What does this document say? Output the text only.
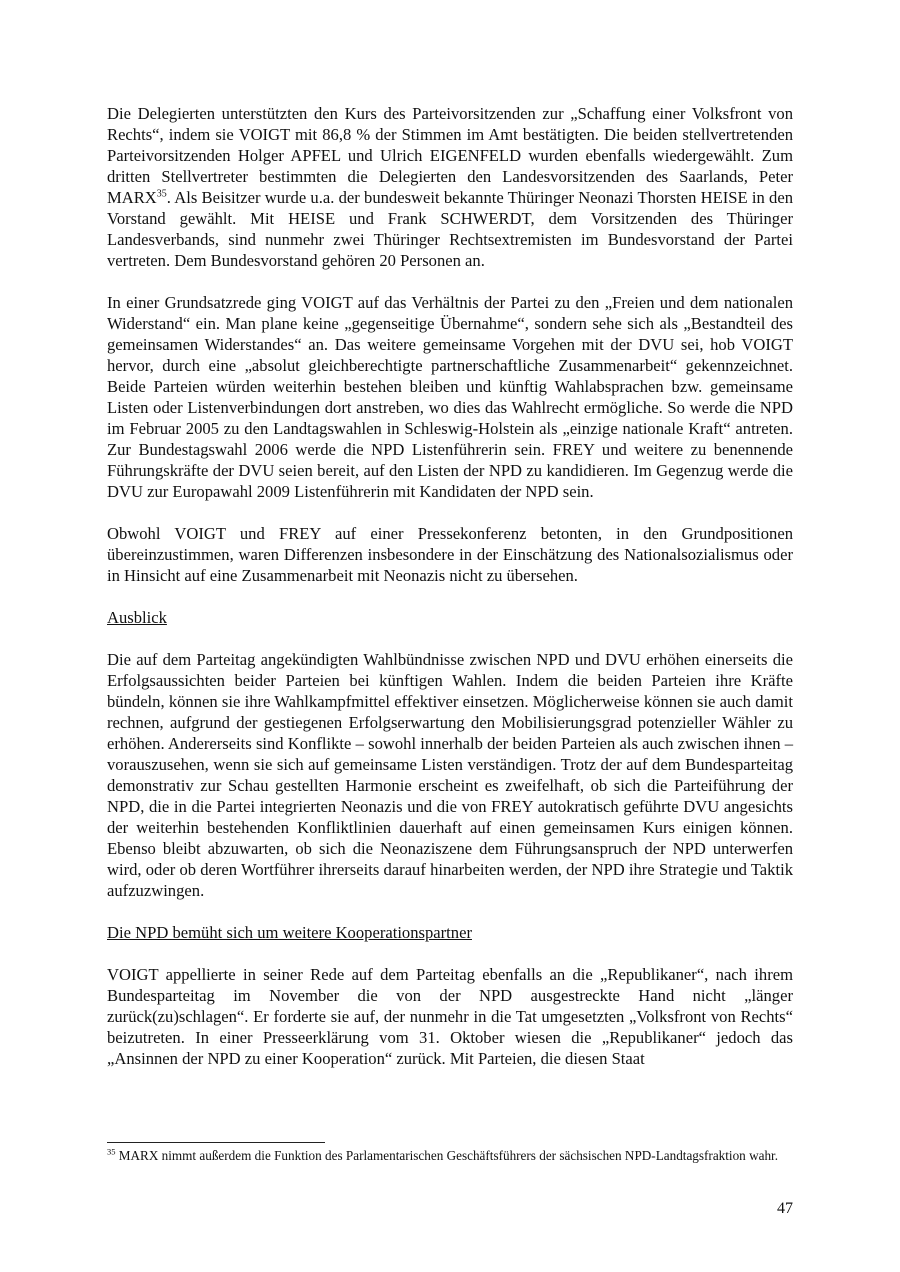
Die Delegierten unterstützten den Kurs des Parteivorsitzenden zur „Schaffung einer Volksfront von Rechts“, indem sie VOIGT mit 86,8 % der Stimmen im Amt bestätigten. Die beiden stellvertretenden Parteivorsitzenden Holger APFEL und Ulrich EIGENFELD wurden ebenfalls wiedergewählt. Zum dritten Stellvertreter bestimmten die Delegierten den Landesvorsitzenden des Saarlands, Peter MARX$^{35}$. Als Beisitzer wurde u.a. der bundesweit bekannte Thüringer Neonazi Thorsten HEISE in den Vorstand gewählt. Mit HEISE und Frank SCHWERDT, dem Vorsitzenden des Thüringer Landesverbands, sind nunmehr zwei Thüringer Rechtsextremisten im Bundesvorstand der Partei vertreten. Dem Bundesvorstand gehören 20 Personen an.

In einer Grundsatzrede ging VOIGT auf das Verhältnis der Partei zu den „Freien und dem nationalen Widerstand“ ein. Man plane keine „gegenseitige Übernahme“, sondern sehe sich als „Bestandteil des gemeinsamen Widerstandes“ an. Das weitere gemeinsame Vorgehen mit der DVU sei, hob VOIGT hervor, durch eine „absolut gleichberechtigte partnerschaftliche Zusammenarbeit“ gekennzeichnet. Beide Parteien würden weiterhin bestehen bleiben und künftig Wahlabsprachen bzw. gemeinsame Listen oder Listenverbindungen dort anstreben, wo dies das Wahlrecht ermögliche. So werde die NPD im Februar 2005 zu den Landtagswahlen in Schleswig-Holstein als „einzige nationale Kraft“ antreten. Zur Bundestagswahl 2006 werde die NPD Listenführerin sein. FREY und weitere zu benennende Führungskräfte der DVU seien bereit, auf den Listen der NPD zu kandidieren. Im Gegenzug werde die DVU zur Europawahl 2009 Listenführerin mit Kandidaten der NPD sein.

Obwohl VOIGT und FREY auf einer Pressekonferenz betonten, in den Grundpositionen übereinzustimmen, waren Differenzen insbesondere in der Einschätzung des Nationalsozialismus oder in Hinsicht auf eine Zusammenarbeit mit Neonazis nicht zu übersehen.

Ausblick

Die auf dem Parteitag angekündigten Wahlbündnisse zwischen NPD und DVU erhöhen einerseits die Erfolgsaussichten beider Parteien bei künftigen Wahlen. Indem die beiden Parteien ihre Kräfte bündeln, können sie ihre Wahlkampfmittel effektiver einsetzen. Möglicherweise können sie auch damit rechnen, aufgrund der gestiegenen Erfolgserwartung den Mobilisierungsgrad potenzieller Wähler zu erhöhen. Andererseits sind Konflikte – sowohl innerhalb der beiden Parteien als auch zwischen ihnen – vorauszusehen, wenn sie sich auf gemeinsame Listen verständigen. Trotz der auf dem Bundesparteitag demonstrativ zur Schau gestellten Harmonie erscheint es zweifelhaft, ob sich die Parteiführung der NPD, die in die Partei integrierten Neonazis und die von FREY autokratisch geführte DVU angesichts der weiterhin bestehenden Konfliktlinien dauerhaft auf einen gemeinsamen Kurs einigen können. Ebenso bleibt abzuwarten, ob sich die Neonaziszene dem Führungsanspruch der NPD unterwerfen wird, oder ob deren Wortführer ihrerseits darauf hinarbeiten werden, der NPD ihre Strategie und Taktik aufzuzwingen.

Die NPD bemüht sich um weitere Kooperationspartner

VOIGT appellierte in seiner Rede auf dem Parteitag ebenfalls an die „Republikaner“, nach ihrem Bundesparteitag im November die von der NPD ausgestreckte Hand nicht „länger zurück(zu)schlagen“. Er forderte sie auf, der nunmehr in die Tat umgesetzten „Volksfront von Rechts“ beizutreten. In einer Presseerklärung vom 31. Oktober wiesen die „Republikaner“ jedoch das „Ansinnen der NPD zu einer Kooperation“ zurück. Mit Parteien, die diesen Staat

$^{35}$ MARX nimmt außerdem die Funktion des Parlamentarischen Geschäftsführers der sächsischen NPD-Landtagsfraktion wahr.
47
